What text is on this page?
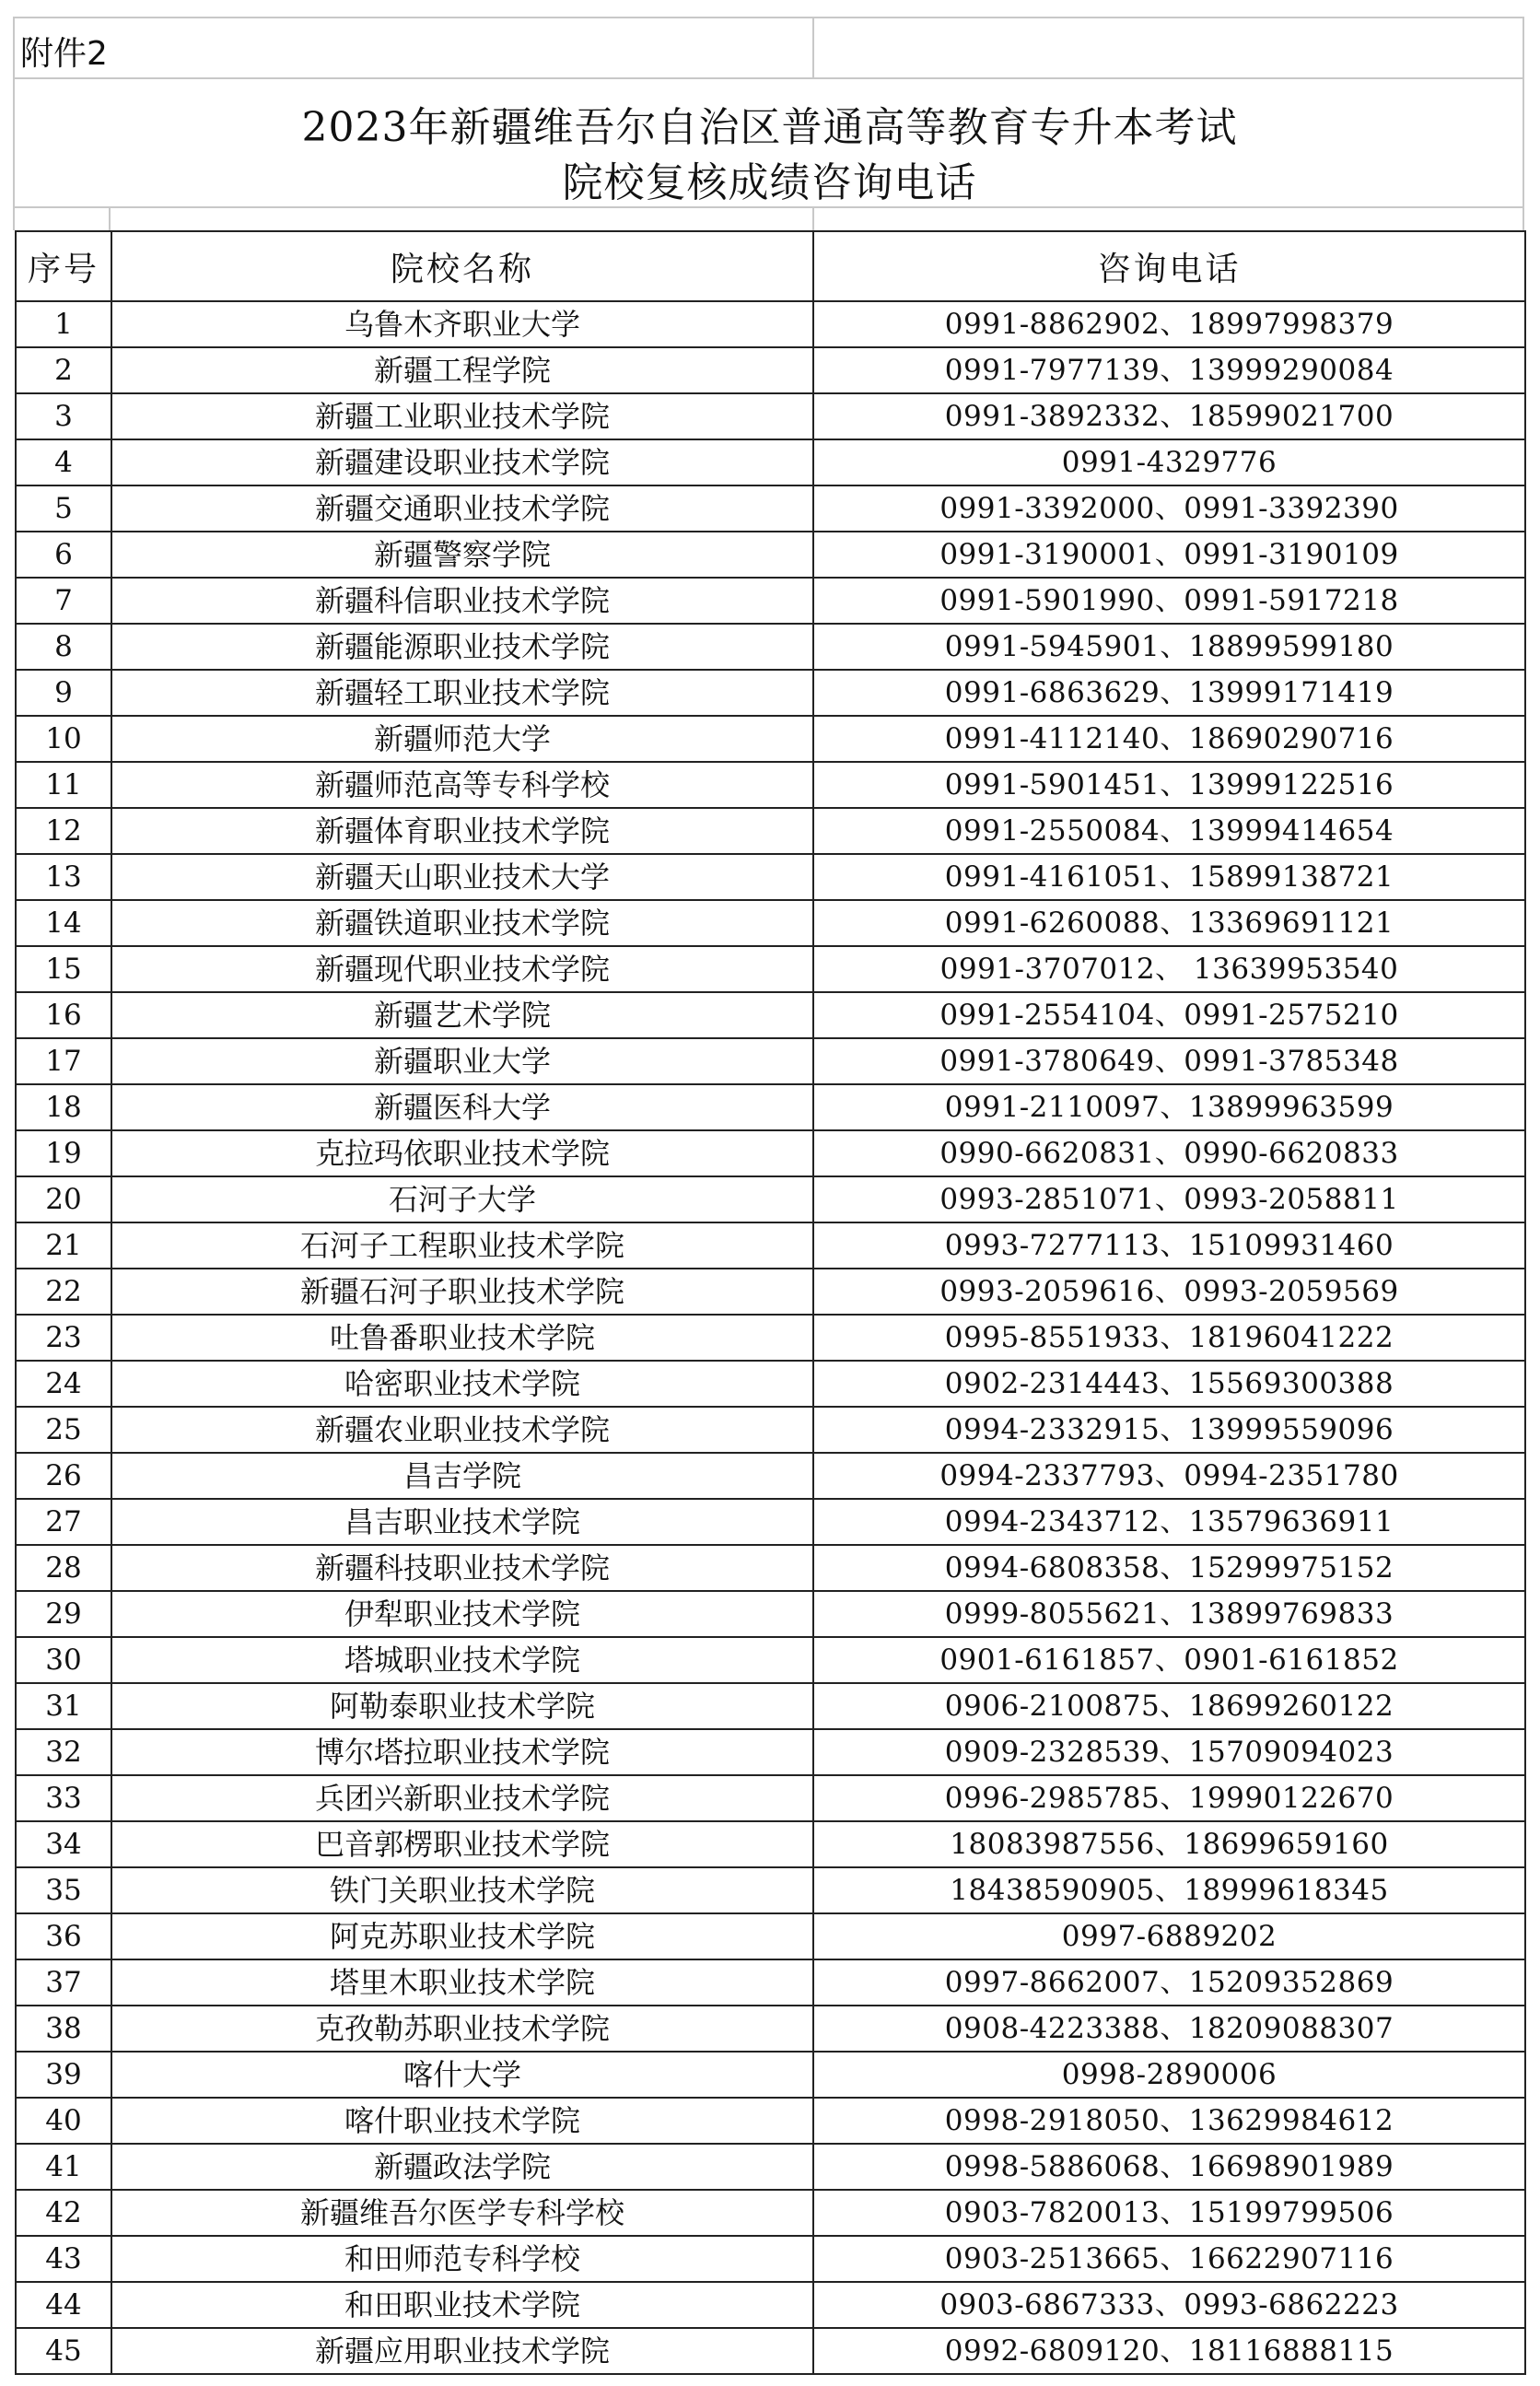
附件2
2023年新疆维吾尔自治区普通高等教育专升本考试
院校复核成绩咨询电话
序号	院校名称	咨询电话
1	乌鲁木齐职业大学	0991-8862902、18997998379
2	新疆工程学院	0991-7977139、13999290084
3	新疆工业职业技术学院	0991-3892332、18599021700
4	新疆建设职业技术学院	0991-4329776
5	新疆交通职业技术学院	0991-3392000、0991-3392390
6	新疆警察学院	0991-3190001、0991-3190109
7	新疆科信职业技术学院	0991-5901990、0991-5917218
8	新疆能源职业技术学院	0991-5945901、18899599180
9	新疆轻工职业技术学院	0991-6863629、13999171419
10	新疆师范大学	0991-4112140、18690290716
11	新疆师范高等专科学校	0991-5901451、13999122516
12	新疆体育职业技术学院	0991-2550084、13999414654
13	新疆天山职业技术大学	0991-4161051、15899138721
14	新疆铁道职业技术学院	0991-6260088、13369691121
15	新疆现代职业技术学院	0991-3707012、 13639953540
16	新疆艺术学院	0991-2554104、0991-2575210
17	新疆职业大学	0991-3780649、0991-3785348
18	新疆医科大学	0991-2110097、13899963599
19	克拉玛依职业技术学院	0990-6620831、0990-6620833
20	石河子大学	0993-2851071、0993-2058811
21	石河子工程职业技术学院	0993-7277113、15109931460
22	新疆石河子职业技术学院	0993-2059616、0993-2059569
23	吐鲁番职业技术学院	0995-8551933、18196041222
24	哈密职业技术学院	0902-2314443、15569300388
25	新疆农业职业技术学院	0994-2332915、13999559096
26	昌吉学院	0994-2337793、0994-2351780
27	昌吉职业技术学院	0994-2343712、13579636911
28	新疆科技职业技术学院	0994-6808358、15299975152
29	伊犁职业技术学院	0999-8055621、13899769833
30	塔城职业技术学院	0901-6161857、0901-6161852
31	阿勒泰职业技术学院	0906-2100875、18699260122
32	博尔塔拉职业技术学院	0909-2328539、15709094023
33	兵团兴新职业技术学院	0996-2985785、19990122670
34	巴音郭楞职业技术学院	18083987556、18699659160
35	铁门关职业技术学院	18438590905、18999618345
36	阿克苏职业技术学院	0997-6889202
37	塔里木职业技术学院	0997-8662007、15209352869
38	克孜勒苏职业技术学院	0908-4223388、18209088307
39	喀什大学	0998-2890006
40	喀什职业技术学院	0998-2918050、13629984612
41	新疆政法学院	0998-5886068、16698901989
42	新疆维吾尔医学专科学校	0903-7820013、15199799506
43	和田师范专科学校	0903-2513665、16622907116
44	和田职业技术学院	0903-6867333、0993-6862223
45	新疆应用职业技术学院	0992-6809120、18116888115
